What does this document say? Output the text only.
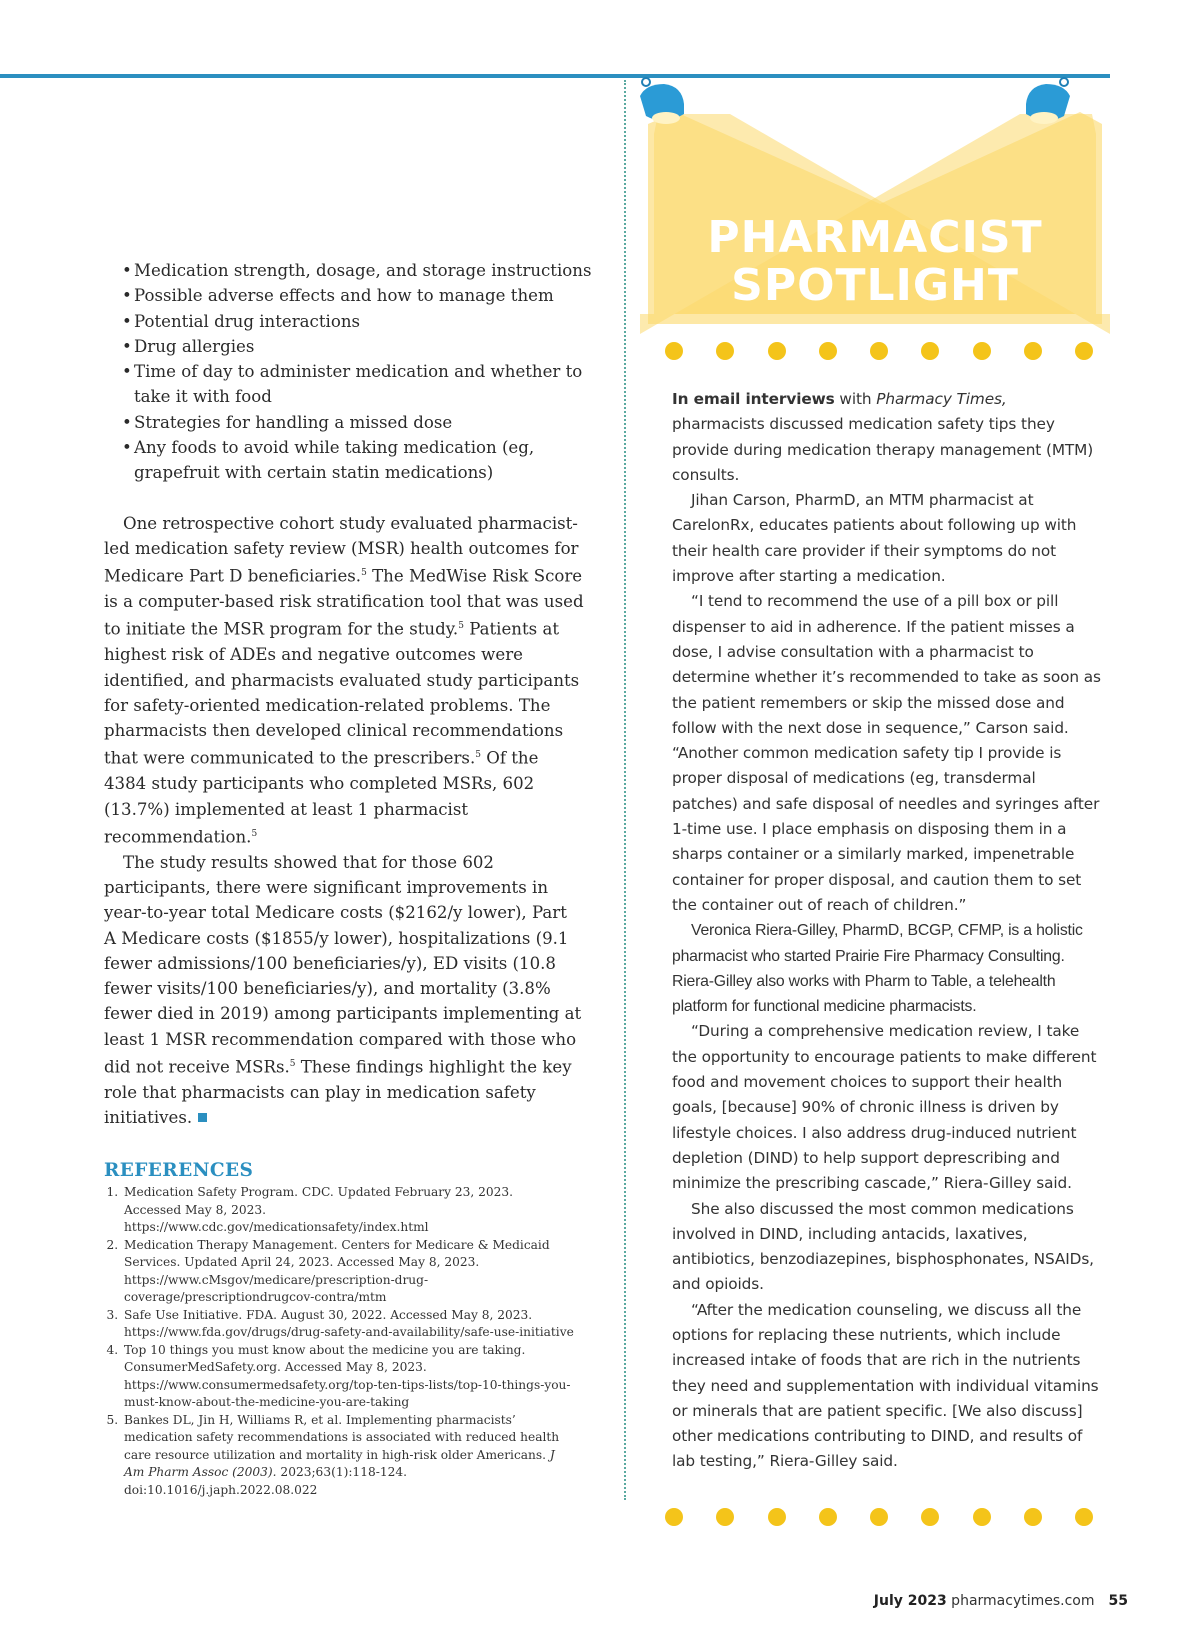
• Medication strength, dosage, and storage instructions
• Possible adverse effects and how to manage them
• Potential drug interactions
• Drug allergies
• Time of day to administer medication and whether to take it with food
• Strategies for handling a missed dose
• Any foods to avoid while taking medication (eg, grapefruit with certain statin medications)

One retrospective cohort study evaluated pharmacist-led medication safety review (MSR) health outcomes for Medicare Part D beneficiaries.$^5$ The MedWise Risk Score is a computer-based risk stratification tool that was used to initiate the MSR program for the study.$^5$ Patients at highest risk of ADEs and negative outcomes were identified, and pharmacists evaluated study participants for safety-oriented medication-related problems. The pharmacists then developed clinical recommendations that were communicated to the prescribers.$^5$ Of the 4384 study participants who completed MSRs, 602 (13.7%) implemented at least 1 pharmacist recommendation.$^5$

The study results showed that for those 602 participants, there were significant improvements in year-to-year total Medicare costs ($2162/y lower), Part A Medicare costs ($1855/y lower), hospitalizations (9.1 fewer admissions/100 beneficiaries/y), ED visits (10.8 fewer visits/100 beneficiaries/y), and mortality (3.8% fewer died in 2019) among participants implementing at least 1 MSR recommendation compared with those who did not receive MSRs.$^5$ These findings highlight the key role that pharmacists can play in medication safety initiatives.

REFERENCES
1. Medication Safety Program. CDC. Updated February 23, 2023. Accessed May 8, 2023. https://www.cdc.gov/medicationsafety/index.html
2. Medication Therapy Management. Centers for Medicare & Medicaid Services. Updated April 24, 2023. Accessed May 8, 2023. https://www.cMsgov/medicare/prescription-drug-coverage/prescriptiondrugcov-contra/mtm
3. Safe Use Initiative. FDA. August 30, 2022. Accessed May 8, 2023. https://www.fda.gov/drugs/drug-safety-and-availability/safe-use-initiative
4. Top 10 things you must know about the medicine you are taking. ConsumerMedSafety.org. Accessed May 8, 2023. https://www.consumermedsafety.org/top-ten-tips-lists/top-10-things-you-must-know-about-the-medicine-you-are-taking
5. Bankes DL, Jin H, Williams R, et al. Implementing pharmacists’ medication safety recommendations is associated with reduced health care resource utilization and mortality in high-risk older Americans. J Am Pharm Assoc (2003). 2023;63(1):118-124. doi:10.1016/j.japh.2022.08.022
PHARMACIST
SPOTLIGHT

In email interviews with Pharmacy Times, pharmacists discussed medication safety tips they provide during medication therapy management (MTM) consults.

Jihan Carson, PharmD, an MTM pharmacist at CarelonRx, educates patients about following up with their health care provider if their symptoms do not improve after starting a medication.

“I tend to recommend the use of a pill box or pill dispenser to aid in adherence. If the patient misses a dose, I advise consultation with a pharmacist to determine whether it’s recommended to take as soon as the patient remembers or skip the missed dose and follow with the next dose in sequence,” Carson said. “Another common medication safety tip I provide is proper disposal of medications (eg, transdermal patches) and safe disposal of needles and syringes after 1-time use. I place emphasis on disposing them in a sharps container or a similarly marked, impenetrable container for proper disposal, and caution them to set the container out of reach of children.”

Veronica Riera-Gilley, PharmD, BCGP, CFMP, is a holistic pharmacist who started Prairie Fire Pharmacy Consulting. Riera-Gilley also works with Pharm to Table, a telehealth platform for functional medicine pharmacists.

“During a comprehensive medication review, I take the opportunity to encourage patients to make different food and movement choices to support their health goals, [because] 90% of chronic illness is driven by lifestyle choices. I also address drug-induced nutrient depletion (DIND) to help support deprescribing and minimize the prescribing cascade,” Riera-Gilley said.

She also discussed the most common medications involved in DIND, including antacids, laxatives, antibiotics, benzodiazepines, bisphosphonates, NSAIDs, and opioids.

“After the medication counseling, we discuss all the options for replacing these nutrients, which include increased intake of foods that are rich in the nutrients they need and supplementation with individual vitamins or minerals that are patient specific. [We also discuss] other medications contributing to DIND, and results of lab testing,” Riera-Gilley said.

July 2023 pharmacytimes.com 55
